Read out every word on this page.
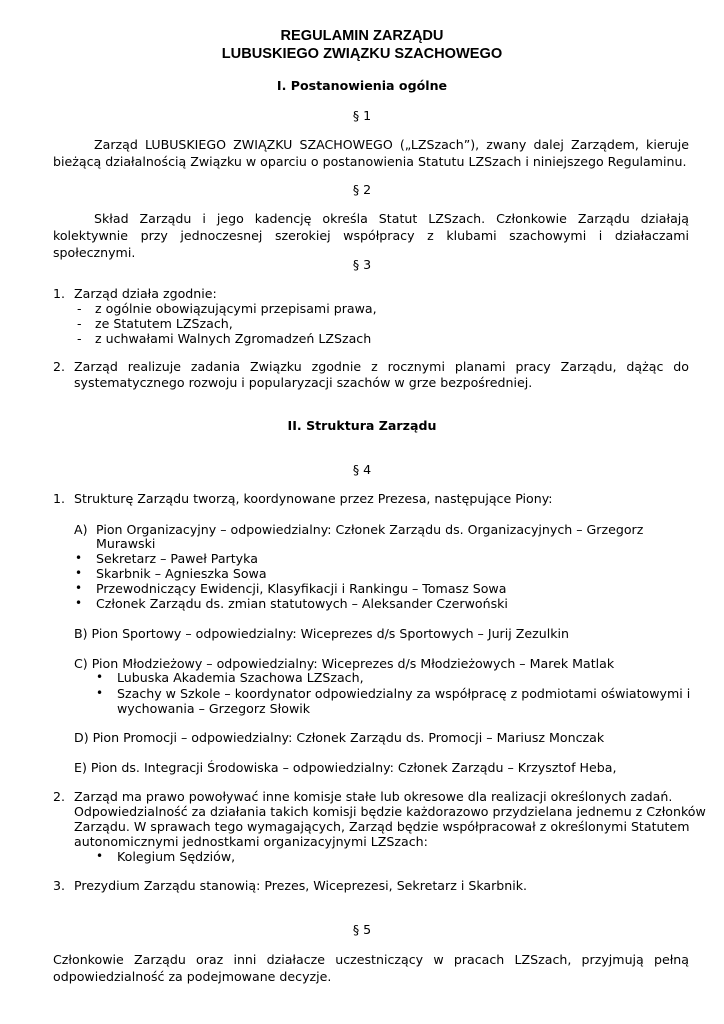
REGULAMIN ZARZĄDU
LUBUSKIEGO ZWIĄZKU SZACHOWEGO
I. Postanowienia ogólne
§ 1
Zarząd LUBUSKIEGO ZWIĄZKU SZACHOWEGO („LZSzach”), zwany dalej Zarządem, kieruje bieżącą działalnością Związku w oparciu o postanowienia Statutu LZSzach i niniejszego Regulaminu.
§ 2
Skład Zarządu i jego kadencję określa Statut LZSzach. Członkowie Zarządu działają kolektywnie przy jednoczesnej szerokiej współpracy z klubami szachowymi i działaczami społecznymi.
§ 3
1. Zarząd działa zgodnie:
- z ogólnie obowiązującymi przepisami prawa,
- ze Statutem LZSzach,
- z uchwałami Walnych Zgromadzeń LZSzach
2. Zarząd realizuje zadania Związku zgodnie z rocznymi planami pracy Zarządu, dążąc do
systematycznego rozwoju i popularyzacji szachów w grze bezpośredniej.
II. Struktura Zarządu
§ 4
1. Strukturę Zarządu tworzą, koordynowane przez Prezesa, następujące Piony:
A) Pion Organizacyjny – odpowiedzialny: Członek Zarządu ds. Organizacyjnych – Grzegorz
Murawski
• Sekretarz – Paweł Partyka
• Skarbnik – Agnieszka Sowa
• Przewodniczący Ewidencji, Klasyfikacji i Rankingu – Tomasz Sowa
• Członek Zarządu ds. zmian statutowych – Aleksander Czerwoński
B) Pion Sportowy – odpowiedzialny: Wiceprezes d/s Sportowych – Jurij Zezulkin
C) Pion Młodzieżowy – odpowiedzialny: Wiceprezes d/s Młodzieżowych – Marek Matlak
• Lubuska Akademia Szachowa LZSzach,
• Szachy w Szkole – koordynator odpowiedzialny za współpracę z podmiotami oświatowymi i
wychowania – Grzegorz Słowik
D) Pion Promocji – odpowiedzialny: Członek Zarządu ds. Promocji – Mariusz Monczak
E) Pion ds. Integracji Środowiska – odpowiedzialny: Członek Zarządu – Krzysztof Heba,
2. Zarząd ma prawo powoływać inne komisje stałe lub okresowe dla realizacji określonych zadań.
Odpowiedzialność za działania takich komisji będzie każdorazowo przydzielana jednemu z Członków
Zarządu. W sprawach tego wymagających, Zarząd będzie współpracował z określonymi Statutem
autonomicznymi jednostkami organizacyjnymi LZSzach:
• Kolegium Sędziów,
3. Prezydium Zarządu stanowią: Prezes, Wiceprezesi, Sekretarz i Skarbnik.
§ 5
Członkowie Zarządu oraz inni działacze uczestniczący w pracach LZSzach, przyjmują pełną odpowiedzialność za podejmowane decyzje.
